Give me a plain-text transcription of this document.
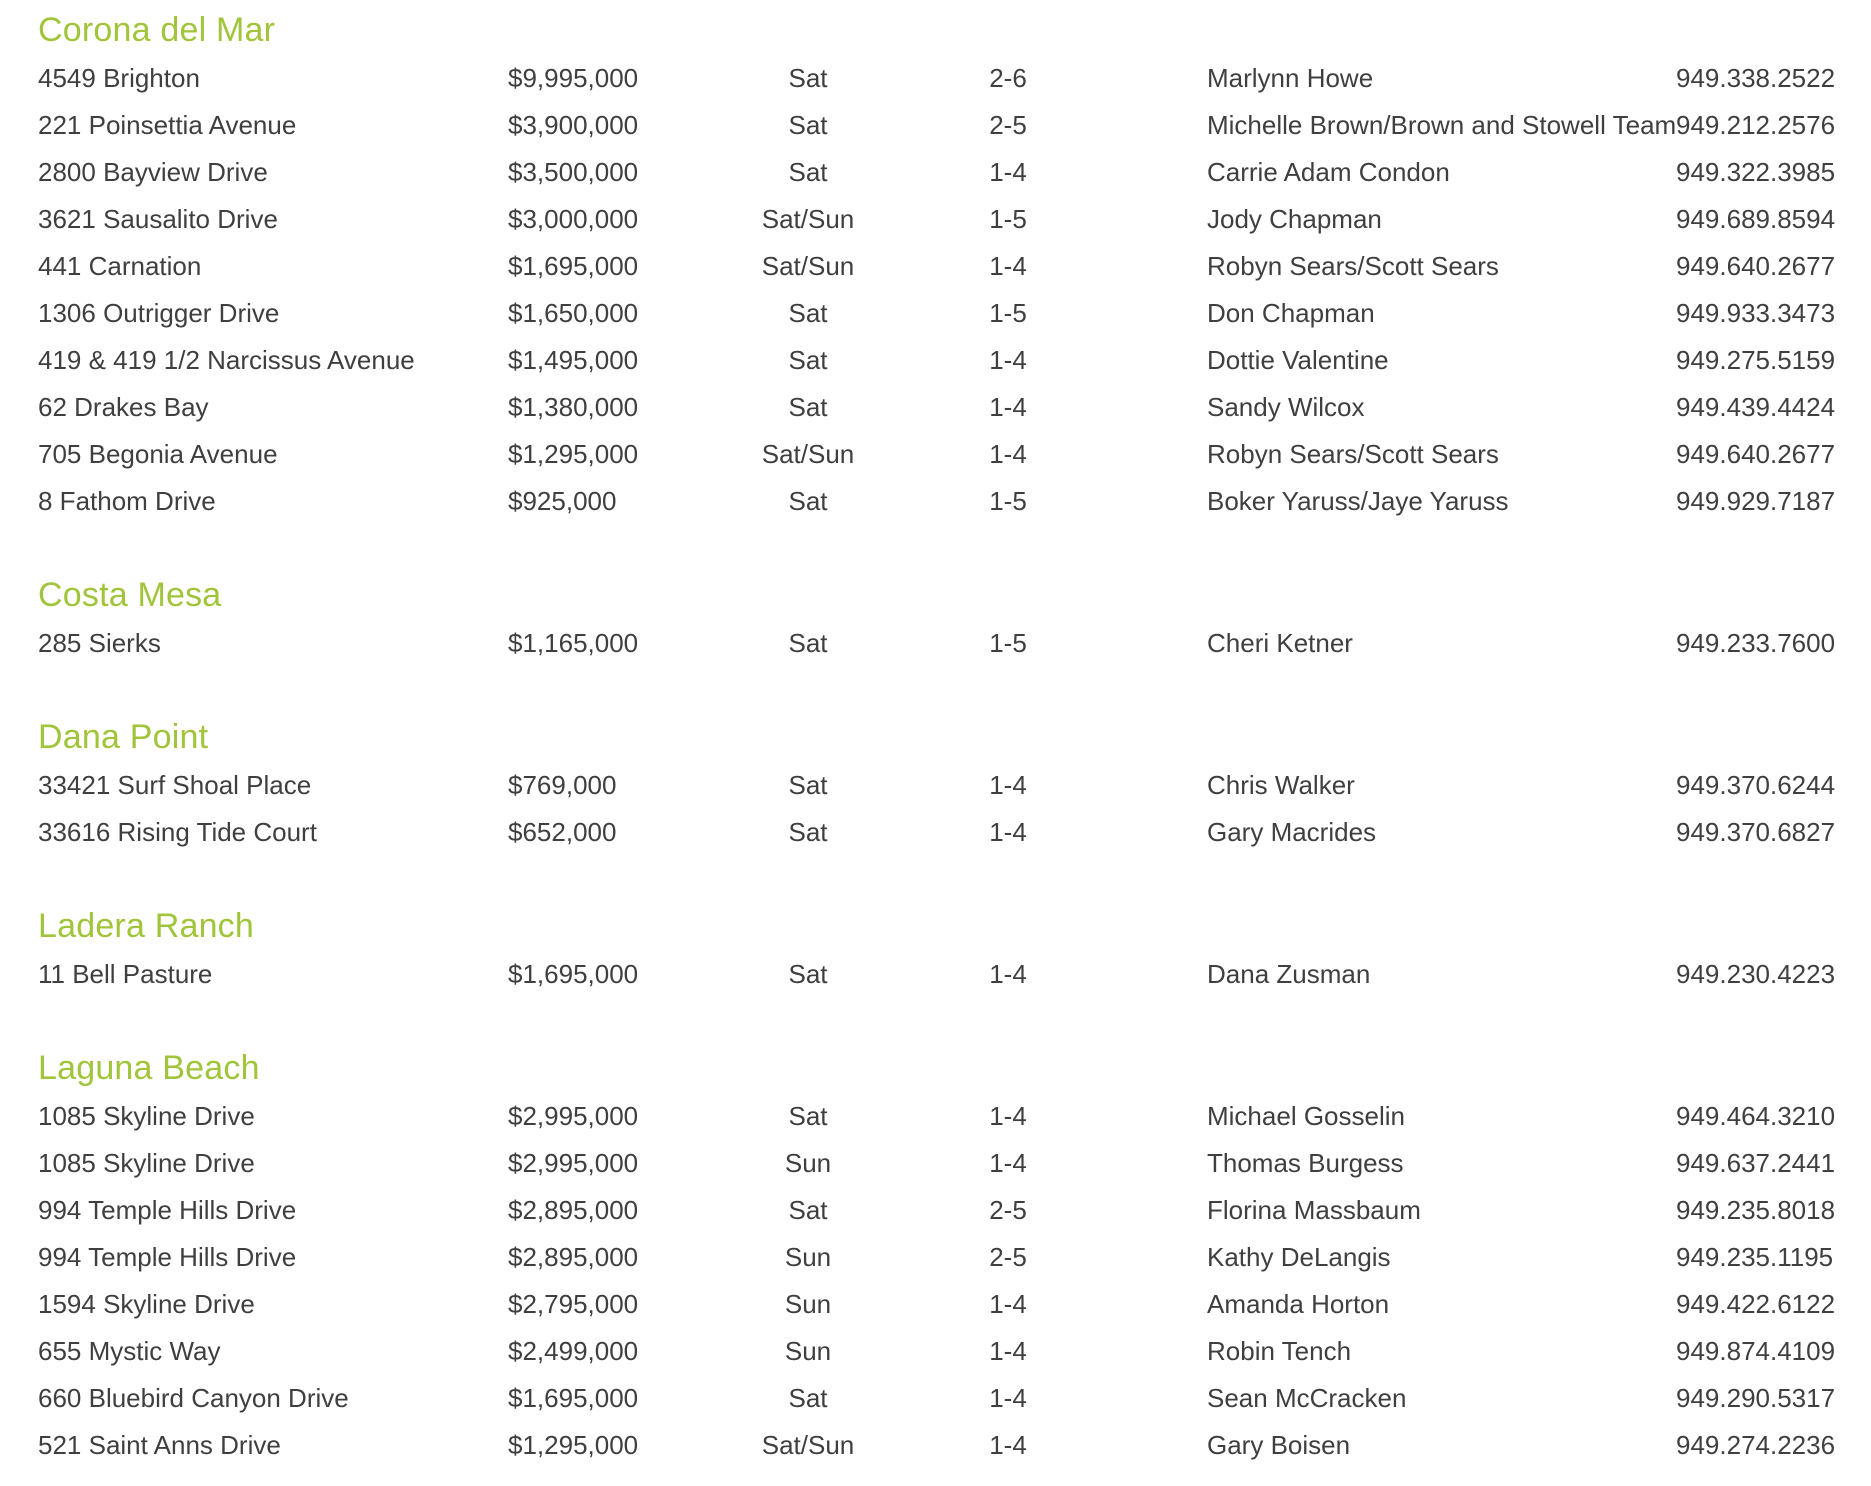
Corona del Mar
4549 Brighton	$9,995,000	Sat	2-6	Marlynn Howe	949.338.2522
221 Poinsettia Avenue	$3,900,000	Sat	2-5	Michelle Brown/Brown and Stowell Team 949.212.2576
2800 Bayview Drive	$3,500,000	Sat	1-4	Carrie Adam Condon	949.322.3985
3621 Sausalito Drive	$3,000,000	Sat/Sun	1-5	Jody Chapman	949.689.8594
441 Carnation	$1,695,000	Sat/Sun	1-4	Robyn Sears/Scott Sears	949.640.2677
1306 Outrigger Drive	$1,650,000	Sat	1-5	Don Chapman	949.933.3473
419 & 419 1/2 Narcissus Avenue	$1,495,000	Sat	1-4	Dottie Valentine	949.275.5159
62 Drakes Bay	$1,380,000	Sat	1-4	Sandy Wilcox	949.439.4424
705 Begonia Avenue	$1,295,000	Sat/Sun	1-4	Robyn Sears/Scott Sears	949.640.2677
8 Fathom Drive	$925,000	Sat	1-5	Boker Yaruss/Jaye Yaruss	949.929.7187
Costa Mesa
285 Sierks	$1,165,000	Sat	1-5	Cheri Ketner	949.233.7600
Dana Point
33421 Surf Shoal Place	$769,000	Sat	1-4	Chris Walker	949.370.6244
33616 Rising Tide Court	$652,000	Sat	1-4	Gary Macrides	949.370.6827
Ladera Ranch
11 Bell Pasture	$1,695,000	Sat	1-4	Dana Zusman	949.230.4223
Laguna Beach
1085 Skyline Drive	$2,995,000	Sat	1-4	Michael Gosselin	949.464.3210
1085 Skyline Drive	$2,995,000	Sun	1-4	Thomas Burgess	949.637.2441
994 Temple Hills Drive	$2,895,000	Sat	2-5	Florina Massbaum	949.235.8018
994 Temple Hills Drive	$2,895,000	Sun	2-5	Kathy DeLangis	949.235.1195
1594 Skyline Drive	$2,795,000	Sun	1-4	Amanda Horton	949.422.6122
655 Mystic Way	$2,499,000	Sun	1-4	Robin Tench	949.874.4109
660 Bluebird Canyon Drive	$1,695,000	Sat	1-4	Sean McCracken	949.290.5317
521 Saint Anns Drive	$1,295,000	Sat/Sun	1-4	Gary Boisen	949.274.2236
